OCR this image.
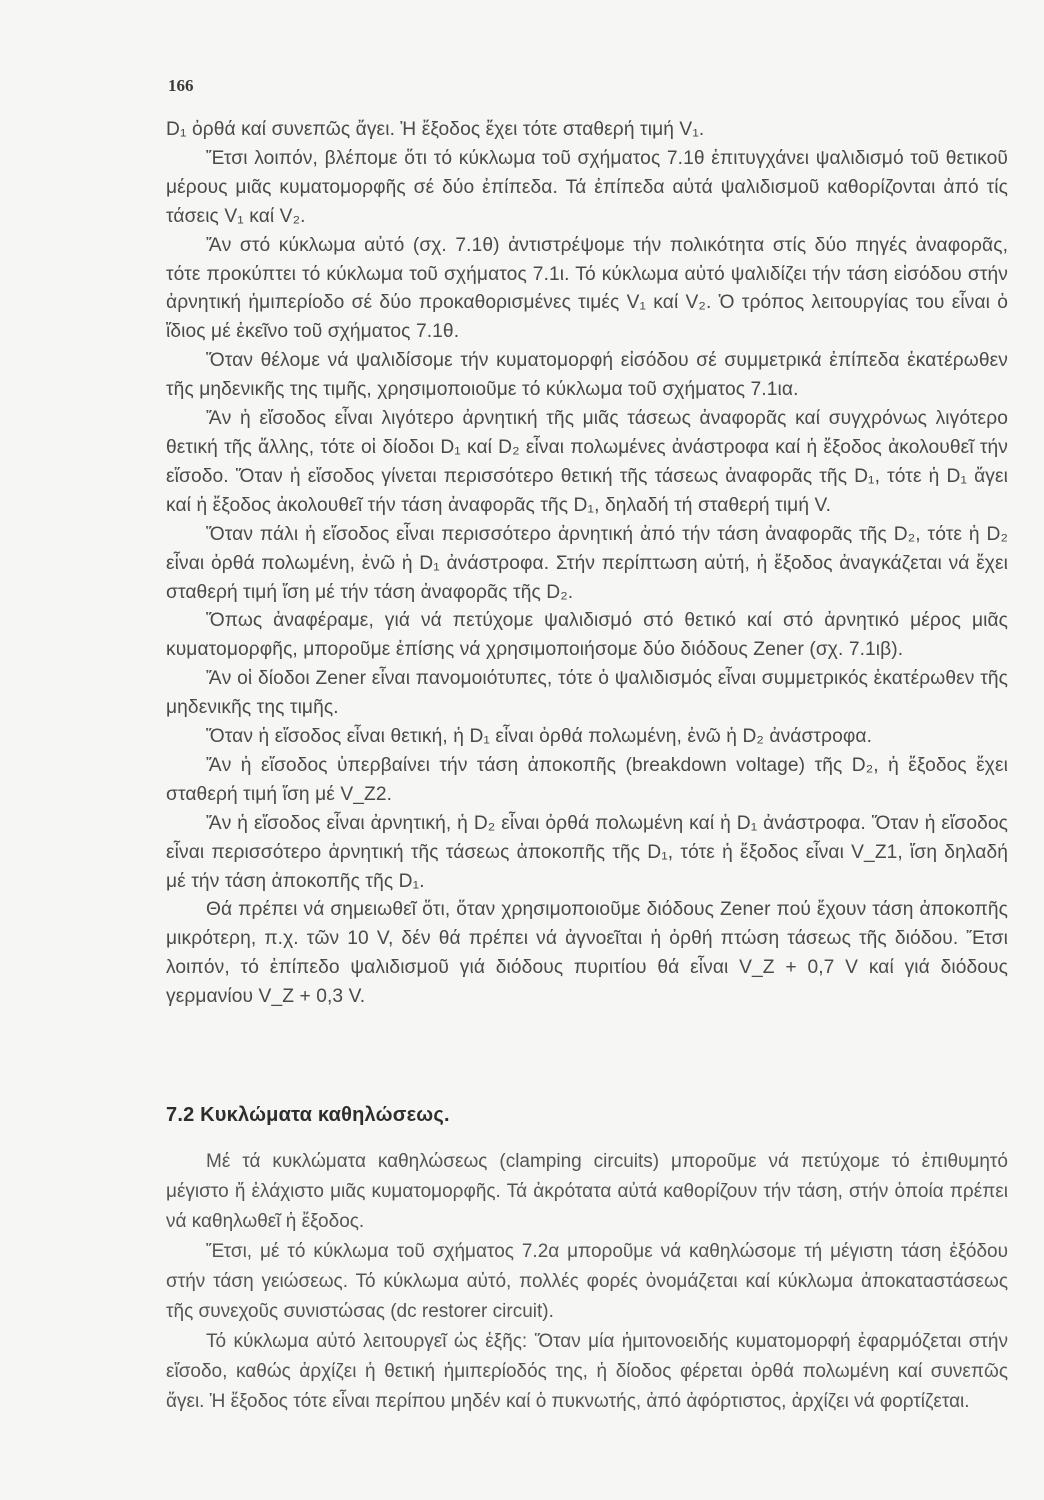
166

D₁ ὀρθά καί συνεπῶς ἄγει. Ἡ ἔξοδος ἔχει τότε σταθερή τιμή V₁.

Ἔτσι λοιπόν, βλέπομε ὅτι τό κύκλωμα τοῦ σχήματος 7.1θ ἐπιτυγχάνει ψαλιδισμό τοῦ θετικοῦ μέρους μιᾶς κυματομορφῆς σέ δύο ἐπίπεδα. Τά ἐπίπεδα αὐτά ψαλιδισμοῦ καθορίζονται ἀπό τίς τάσεις V₁ καί V₂.

Ἄν στό κύκλωμα αὐτό (σχ. 7.1θ) ἀντιστρέψομε τήν πολικότητα στίς δύο πηγές ἀναφορᾶς, τότε προκύπτει τό κύκλωμα τοῦ σχήματος 7.1ι. Τό κύκλωμα αὐτό ψαλιδίζει τήν τάση εἰσόδου στήν ἀρνητική ἡμιπερίοδο σέ δύο προκαθορισμένες τιμές V₁ καί V₂. Ὁ τρόπος λειτουργίας του εἶναι ὁ ἴδιος μέ ἐκεῖνο τοῦ σχήματος 7.1θ.

Ὅταν θέλομε νά ψαλιδίσομε τήν κυματομορφή εἰσόδου σέ συμμετρικά ἐπίπεδα ἑκατέρωθεν τῆς μηδενικῆς της τιμῆς, χρησιμοποιοῦμε τό κύκλωμα τοῦ σχήματος 7.1ια.

Ἄν ἡ εἴσοδος εἶναι λιγότερο ἀρνητική τῆς μιᾶς τάσεως ἀναφορᾶς καί συγχρόνως λιγότερο θετική τῆς ἄλλης, τότε οἱ δίοδοι D₁ καί D₂ εἶναι πολωμένες ἀνάστροφα καί ἡ ἔξοδος ἀκολουθεῖ τήν εἴσοδο. Ὅταν ἡ εἴσοδος γίνεται περισσότερο θετική τῆς τάσεως ἀναφορᾶς τῆς D₁, τότε ἡ D₁ ἄγει καί ἡ ἔξοδος ἀκολουθεῖ τήν τάση ἀναφορᾶς τῆς D₁, δηλαδή τή σταθερή τιμή V.

Ὅταν πάλι ἡ εἴσοδος εἶναι περισσότερο ἀρνητική ἀπό τήν τάση ἀναφορᾶς τῆς D₂, τότε ἡ D₂ εἶναι ὀρθά πολωμένη, ἐνῶ ἡ D₁ ἀνάστροφα. Στήν περίπτωση αὐτή, ἡ ἔξοδος ἀναγκάζεται νά ἔχει σταθερή τιμή ἴση μέ τήν τάση ἀναφορᾶς τῆς D₂.

Ὅπως ἀναφέραμε, γιά νά πετύχομε ψαλιδισμό στό θετικό καί στό ἀρνητικό μέρος μιᾶς κυματομορφῆς, μποροῦμε ἐπίσης νά χρησιμοποιήσομε δύο διόδους Zener (σχ. 7.1ιβ).

Ἄν οἱ δίοδοι Zener εἶναι πανομοιότυπες, τότε ὁ ψαλιδισμός εἶναι συμμετρικός ἑκατέρωθεν τῆς μηδενικῆς της τιμῆς.

Ὅταν ἡ εἴσοδος εἶναι θετική, ἡ D₁ εἶναι ὀρθά πολωμένη, ἐνῶ ἡ D₂ ἀνάστροφα.

Ἄν ἡ εἴσοδος ὑπερβαίνει τήν τάση ἀποκοπῆς (breakdown voltage) τῆς D₂, ἡ ἔξοδος ἔχει σταθερή τιμή ἴση μέ V_Z2.

Ἄν ἡ εἴσοδος εἶναι ἀρνητική, ἡ D₂ εἶναι ὀρθά πολωμένη καί ἡ D₁ ἀνάστροφα. Ὅταν ἡ εἴσοδος εἶναι περισσότερο ἀρνητική τῆς τάσεως ἀποκοπῆς τῆς D₁, τότε ἡ ἔξοδος εἶναι V_Z1, ἴση δηλαδή μέ τήν τάση ἀποκοπῆς τῆς D₁.

Θά πρέπει νά σημειωθεῖ ὅτι, ὅταν χρησιμοποιοῦμε διόδους Zener πού ἔχουν τάση ἀποκοπῆς μικρότερη, π.χ. τῶν 10 V, δέν θά πρέπει νά ἀγνοεῖται ἡ ὀρθή πτώση τάσεως τῆς διόδου. Ἔτσι λοιπόν, τό ἐπίπεδο ψαλιδισμοῦ γιά διόδους πυριτίου θά εἶναι V_Z + 0,7 V καί γιά διόδους γερμανίου V_Z + 0,3 V.

7.2 Κυκλώματα καθηλώσεως.

Μέ τά κυκλώματα καθηλώσεως (clamping circuits) μποροῦμε νά πετύχομε τό ἐπιθυμητό μέγιστο ἤ ἐλάχιστο μιᾶς κυματομορφῆς. Τά ἀκρότατα αὐτά καθορίζουν τήν τάση, στήν ὁποία πρέπει νά καθηλωθεῖ ἡ ἔξοδος.

Ἔτσι, μέ τό κύκλωμα τοῦ σχήματος 7.2α μποροῦμε νά καθηλώσομε τή μέγιστη τάση ἐξόδου στήν τάση γειώσεως. Τό κύκλωμα αὐτό, πολλές φορές ὀνομάζεται καί κύκλωμα ἀποκαταστάσεως τῆς συνεχοῦς συνιστώσας (dc restorer circuit).

Τό κύκλωμα αὐτό λειτουργεῖ ὡς ἑξῆς: Ὅταν μία ἡμιτονοειδής κυματομορφή ἐφαρμόζεται στήν εἴσοδο, καθώς ἀρχίζει ἡ θετική ἡμιπερίοδός της, ἡ δίοδος φέρεται ὀρθά πολωμένη καί συνεπῶς ἄγει. Ἡ ἔξοδος τότε εἶναι περίπου μηδέν καί ὁ πυκνωτής, ἀπό ἀφόρτιστος, ἀρχίζει νά φορτίζεται.
